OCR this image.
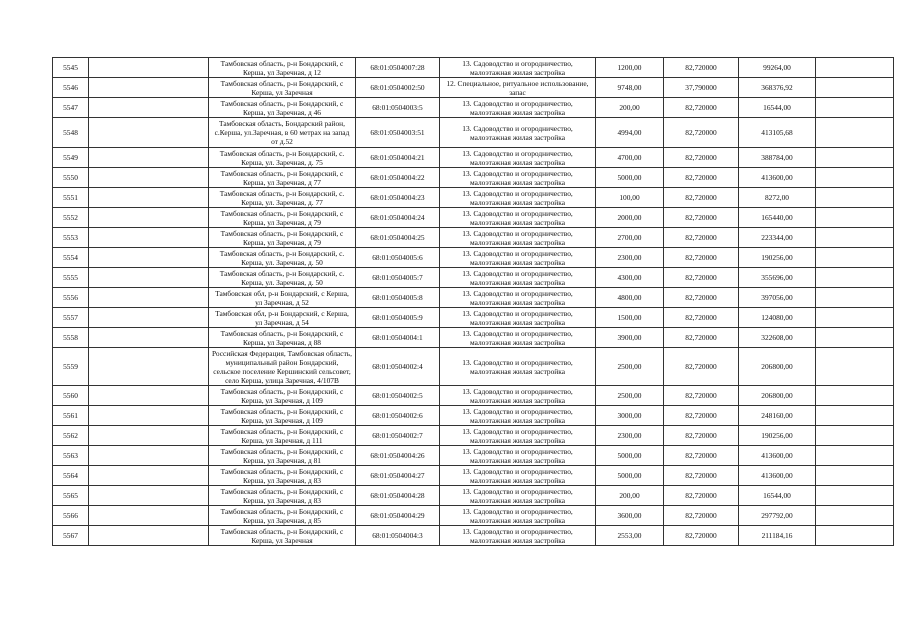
5545		Тамбовская область, р-н Бондарский, с Керша, ул Заречная, д 12	68:01:0504007:28	13. Садоводство и огородничество, малоэтажная жилая застройка	1200,00	82,720000	99264,00	
5546		Тамбовская область, р-н Бондарский, с Керша, ул Заречная	68:01:0504002:50	12. Специальное, ритуальное использование, запас	9748,00	37,790000	368376,92	
5547		Тамбовская область, р-н Бондарский, с Керша, ул Заречная, д 46	68:01:0504003:5	13. Садоводство и огородничество, малоэтажная жилая застройка	200,00	82,720000	16544,00	
5548		Тамбовская область, Бондарский район, с.Керша, ул.Заречная, в 60 метрах на запад от д.52	68:01:0504003:51	13. Садоводство и огородничество, малоэтажная жилая застройка	4994,00	82,720000	413105,68	
5549		Тамбовская область, р-н Бондарский, с. Керша, ул. Заречная, д. 75	68:01:0504004:21	13. Садоводство и огородничество, малоэтажная жилая застройка	4700,00	82,720000	388784,00	
5550		Тамбовская область, р-н Бондарский, с Керша, ул Заречная, д 77	68:01:0504004:22	13. Садоводство и огородничество, малоэтажная жилая застройка	5000,00	82,720000	413600,00	
5551		Тамбовская область, р-н Бондарский, с. Керша, ул. Заречная, д. 77	68:01:0504004:23	13. Садоводство и огородничество, малоэтажная жилая застройка	100,00	82,720000	8272,00	
5552		Тамбовская область, р-н Бондарский, с Керша, ул Заречная, д 79	68:01:0504004:24	13. Садоводство и огородничество, малоэтажная жилая застройка	2000,00	82,720000	165440,00	
5553		Тамбовская область, р-н Бондарский, с Керша, ул Заречная, д 79	68:01:0504004:25	13. Садоводство и огородничество, малоэтажная жилая застройка	2700,00	82,720000	223344,00	
5554		Тамбовская область, р-н Бондарский, с. Керша, ул. Заречная, д. 50	68:01:0504005:6	13. Садоводство и огородничество, малоэтажная жилая застройка	2300,00	82,720000	190256,00	
5555		Тамбовская область, р-н Бондарский, с. Керша, ул. Заречная, д. 50	68:01:0504005:7	13. Садоводство и огородничество, малоэтажная жилая застройка	4300,00	82,720000	355696,00	
5556		Тамбовская обл, р-н Бондарский, с Керша, ул Заречная, д 52	68:01:0504005:8	13. Садоводство и огородничество, малоэтажная жилая застройка	4800,00	82,720000	397056,00	
5557		Тамбовская обл, р-н Бондарский, с Керша, ул Заречная, д 54	68:01:0504005:9	13. Садоводство и огородничество, малоэтажная жилая застройка	1500,00	82,720000	124080,00	
5558		Тамбовская область, р-н Бондарский, с Керша, ул Заречная, д 88	68:01:0504004:1	13. Садоводство и огородничество, малоэтажная жилая застройка	3900,00	82,720000	322608,00	
5559		Российская Федерация, Тамбовская область, муниципальный район Бондарский, сельское поселение Кершинский сельсовет, село Керша, улица Заречная, 4/107В	68:01:0504002:4	13. Садоводство и огородничество, малоэтажная жилая застройка	2500,00	82,720000	206800,00	
5560		Тамбовская область, р-н Бондарский, с Керша, ул Заречная, д 109	68:01:0504002:5	13. Садоводство и огородничество, малоэтажная жилая застройка	2500,00	82,720000	206800,00	
5561		Тамбовская область, р-н Бондарский, с Керша, ул Заречная, д 109	68:01:0504002:6	13. Садоводство и огородничество, малоэтажная жилая застройка	3000,00	82,720000	248160,00	
5562		Тамбовская область, р-н Бондарский, с Керша, ул Заречная, д 111	68:01:0504002:7	13. Садоводство и огородничество, малоэтажная жилая застройка	2300,00	82,720000	190256,00	
5563		Тамбовская область, р-н Бондарский, с Керша, ул Заречная, д 81	68:01:0504004:26	13. Садоводство и огородничество, малоэтажная жилая застройка	5000,00	82,720000	413600,00	
5564		Тамбовская область, р-н Бондарский, с Керша, ул Заречная, д 83	68:01:0504004:27	13. Садоводство и огородничество, малоэтажная жилая застройка	5000,00	82,720000	413600,00	
5565		Тамбовская область, р-н Бондарский, с Керша, ул Заречная, д 83	68:01:0504004:28	13. Садоводство и огородничество, малоэтажная жилая застройка	200,00	82,720000	16544,00	
5566		Тамбовская область, р-н Бондарский, с Керша, ул Заречная, д 85	68:01:0504004:29	13. Садоводство и огородничество, малоэтажная жилая застройка	3600,00	82,720000	297792,00	
5567		Тамбовская область, р-н Бондарский, с Керша, ул Заречная	68:01:0504004:3	13. Садоводство и огородничество, малоэтажная жилая застройка	2553,00	82,720000	211184,16	
